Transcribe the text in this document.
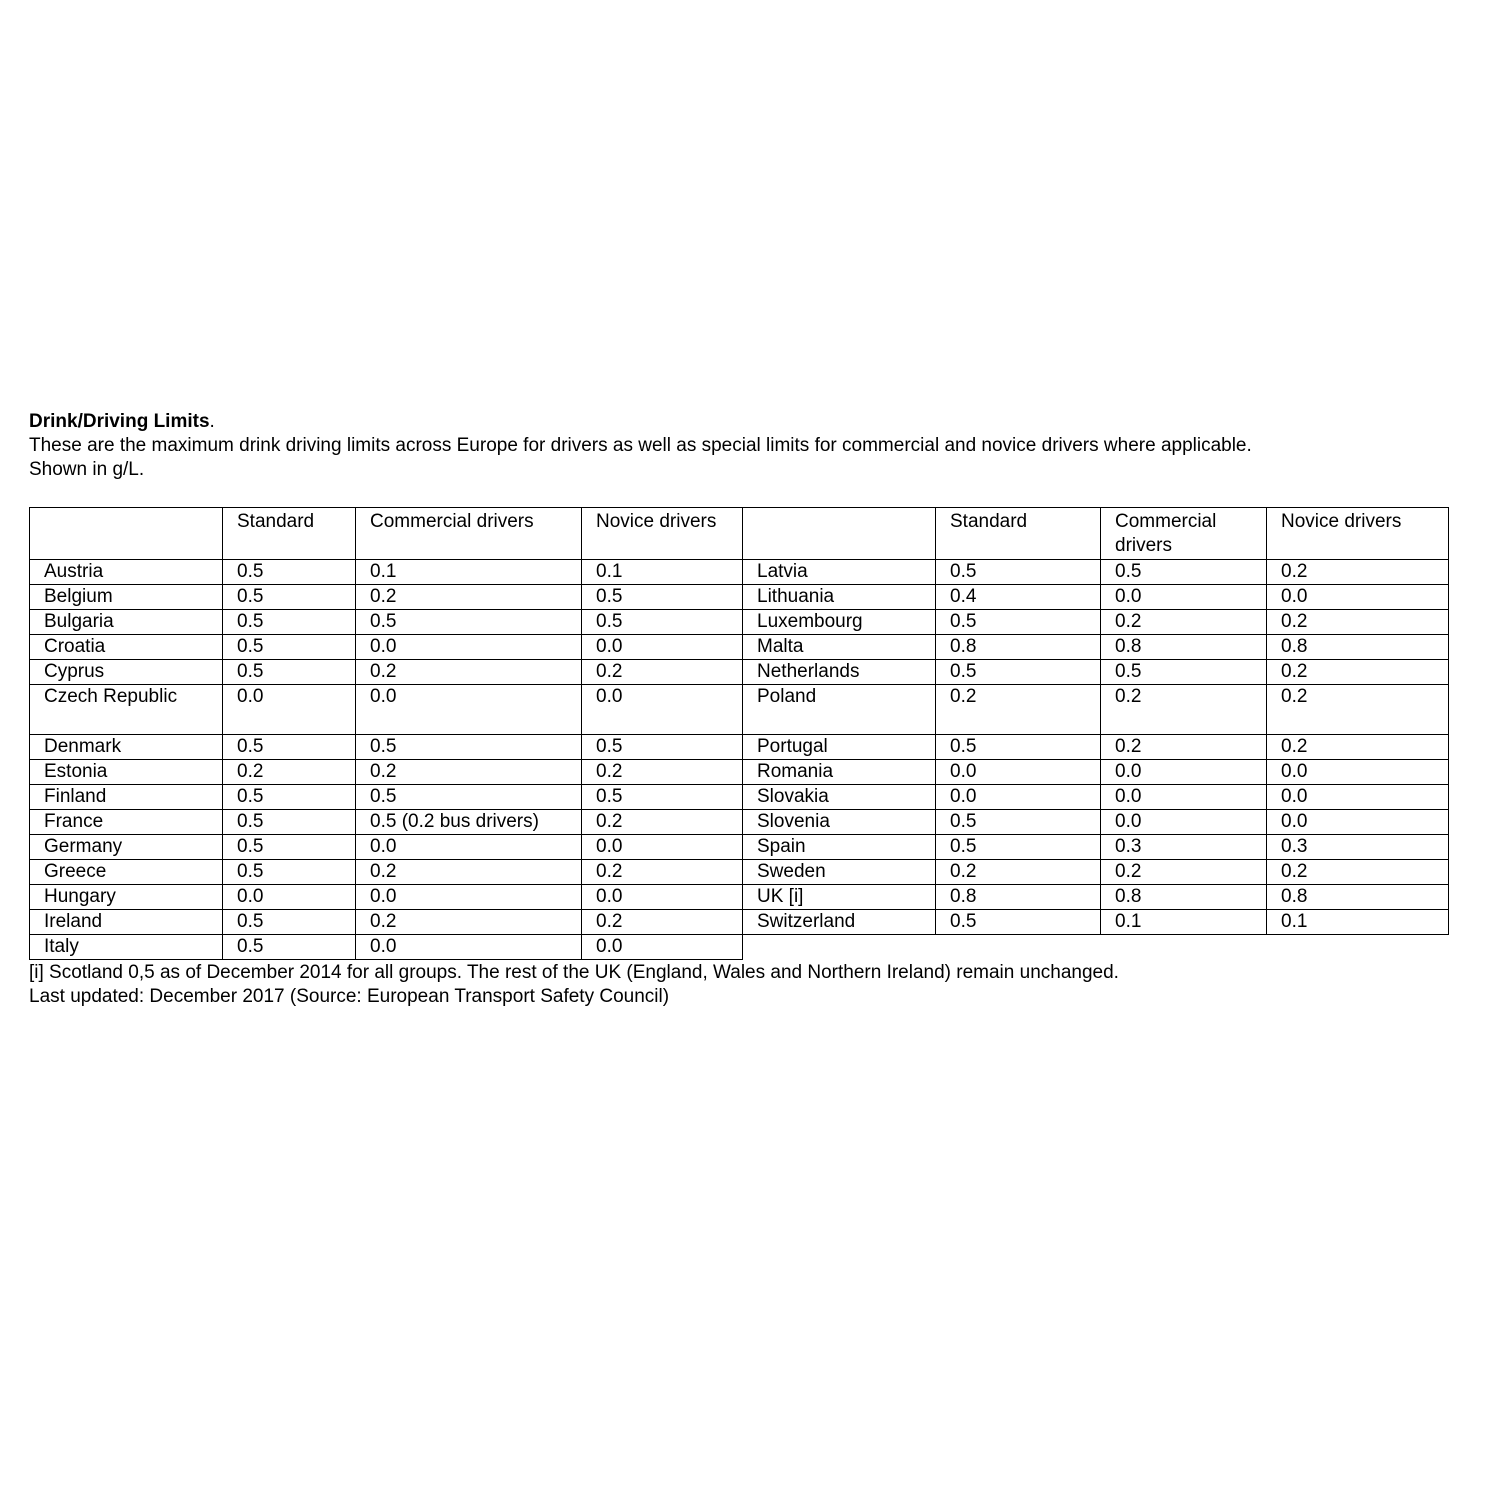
Drink/Driving Limits.

These are the maximum drink driving limits across Europe for drivers as well as special limits for commercial and novice drivers where applicable.

Shown in g/L.

	Standard	Commercial drivers	Novice drivers		Standard	Commercial drivers	Novice drivers
Austria	0.5	0.1	0.1	Latvia	0.5	0.5	0.2
Belgium	0.5	0.2	0.5	Lithuania	0.4	0.0	0.0
Bulgaria	0.5	0.5	0.5	Luxembourg	0.5	0.2	0.2
Croatia	0.5	0.0	0.0	Malta	0.8	0.8	0.8
Cyprus	0.5	0.2	0.2	Netherlands	0.5	0.5	0.2
Czech Republic	0.0	0.0	0.0	Poland	0.2	0.2	0.2
Denmark	0.5	0.5	0.5	Portugal	0.5	0.2	0.2
Estonia	0.2	0.2	0.2	Romania	0.0	0.0	0.0
Finland	0.5	0.5	0.5	Slovakia	0.0	0.0	0.0
France	0.5	0.5 (0.2 bus drivers)	0.2	Slovenia	0.5	0.0	0.0
Germany	0.5	0.0	0.0	Spain	0.5	0.3	0.3
Greece	0.5	0.2	0.2	Sweden	0.2	0.2	0.2
Hungary	0.0	0.0	0.0	UK [i]	0.8	0.8	0.8
Ireland	0.5	0.2	0.2	Switzerland	0.5	0.1	0.1
Italy	0.5	0.0	0.0				

[i] Scotland 0,5 as of December 2014 for all groups. The rest of the UK (England, Wales and Northern Ireland) remain unchanged.

Last updated: December 2017 (Source: European Transport Safety Council)
